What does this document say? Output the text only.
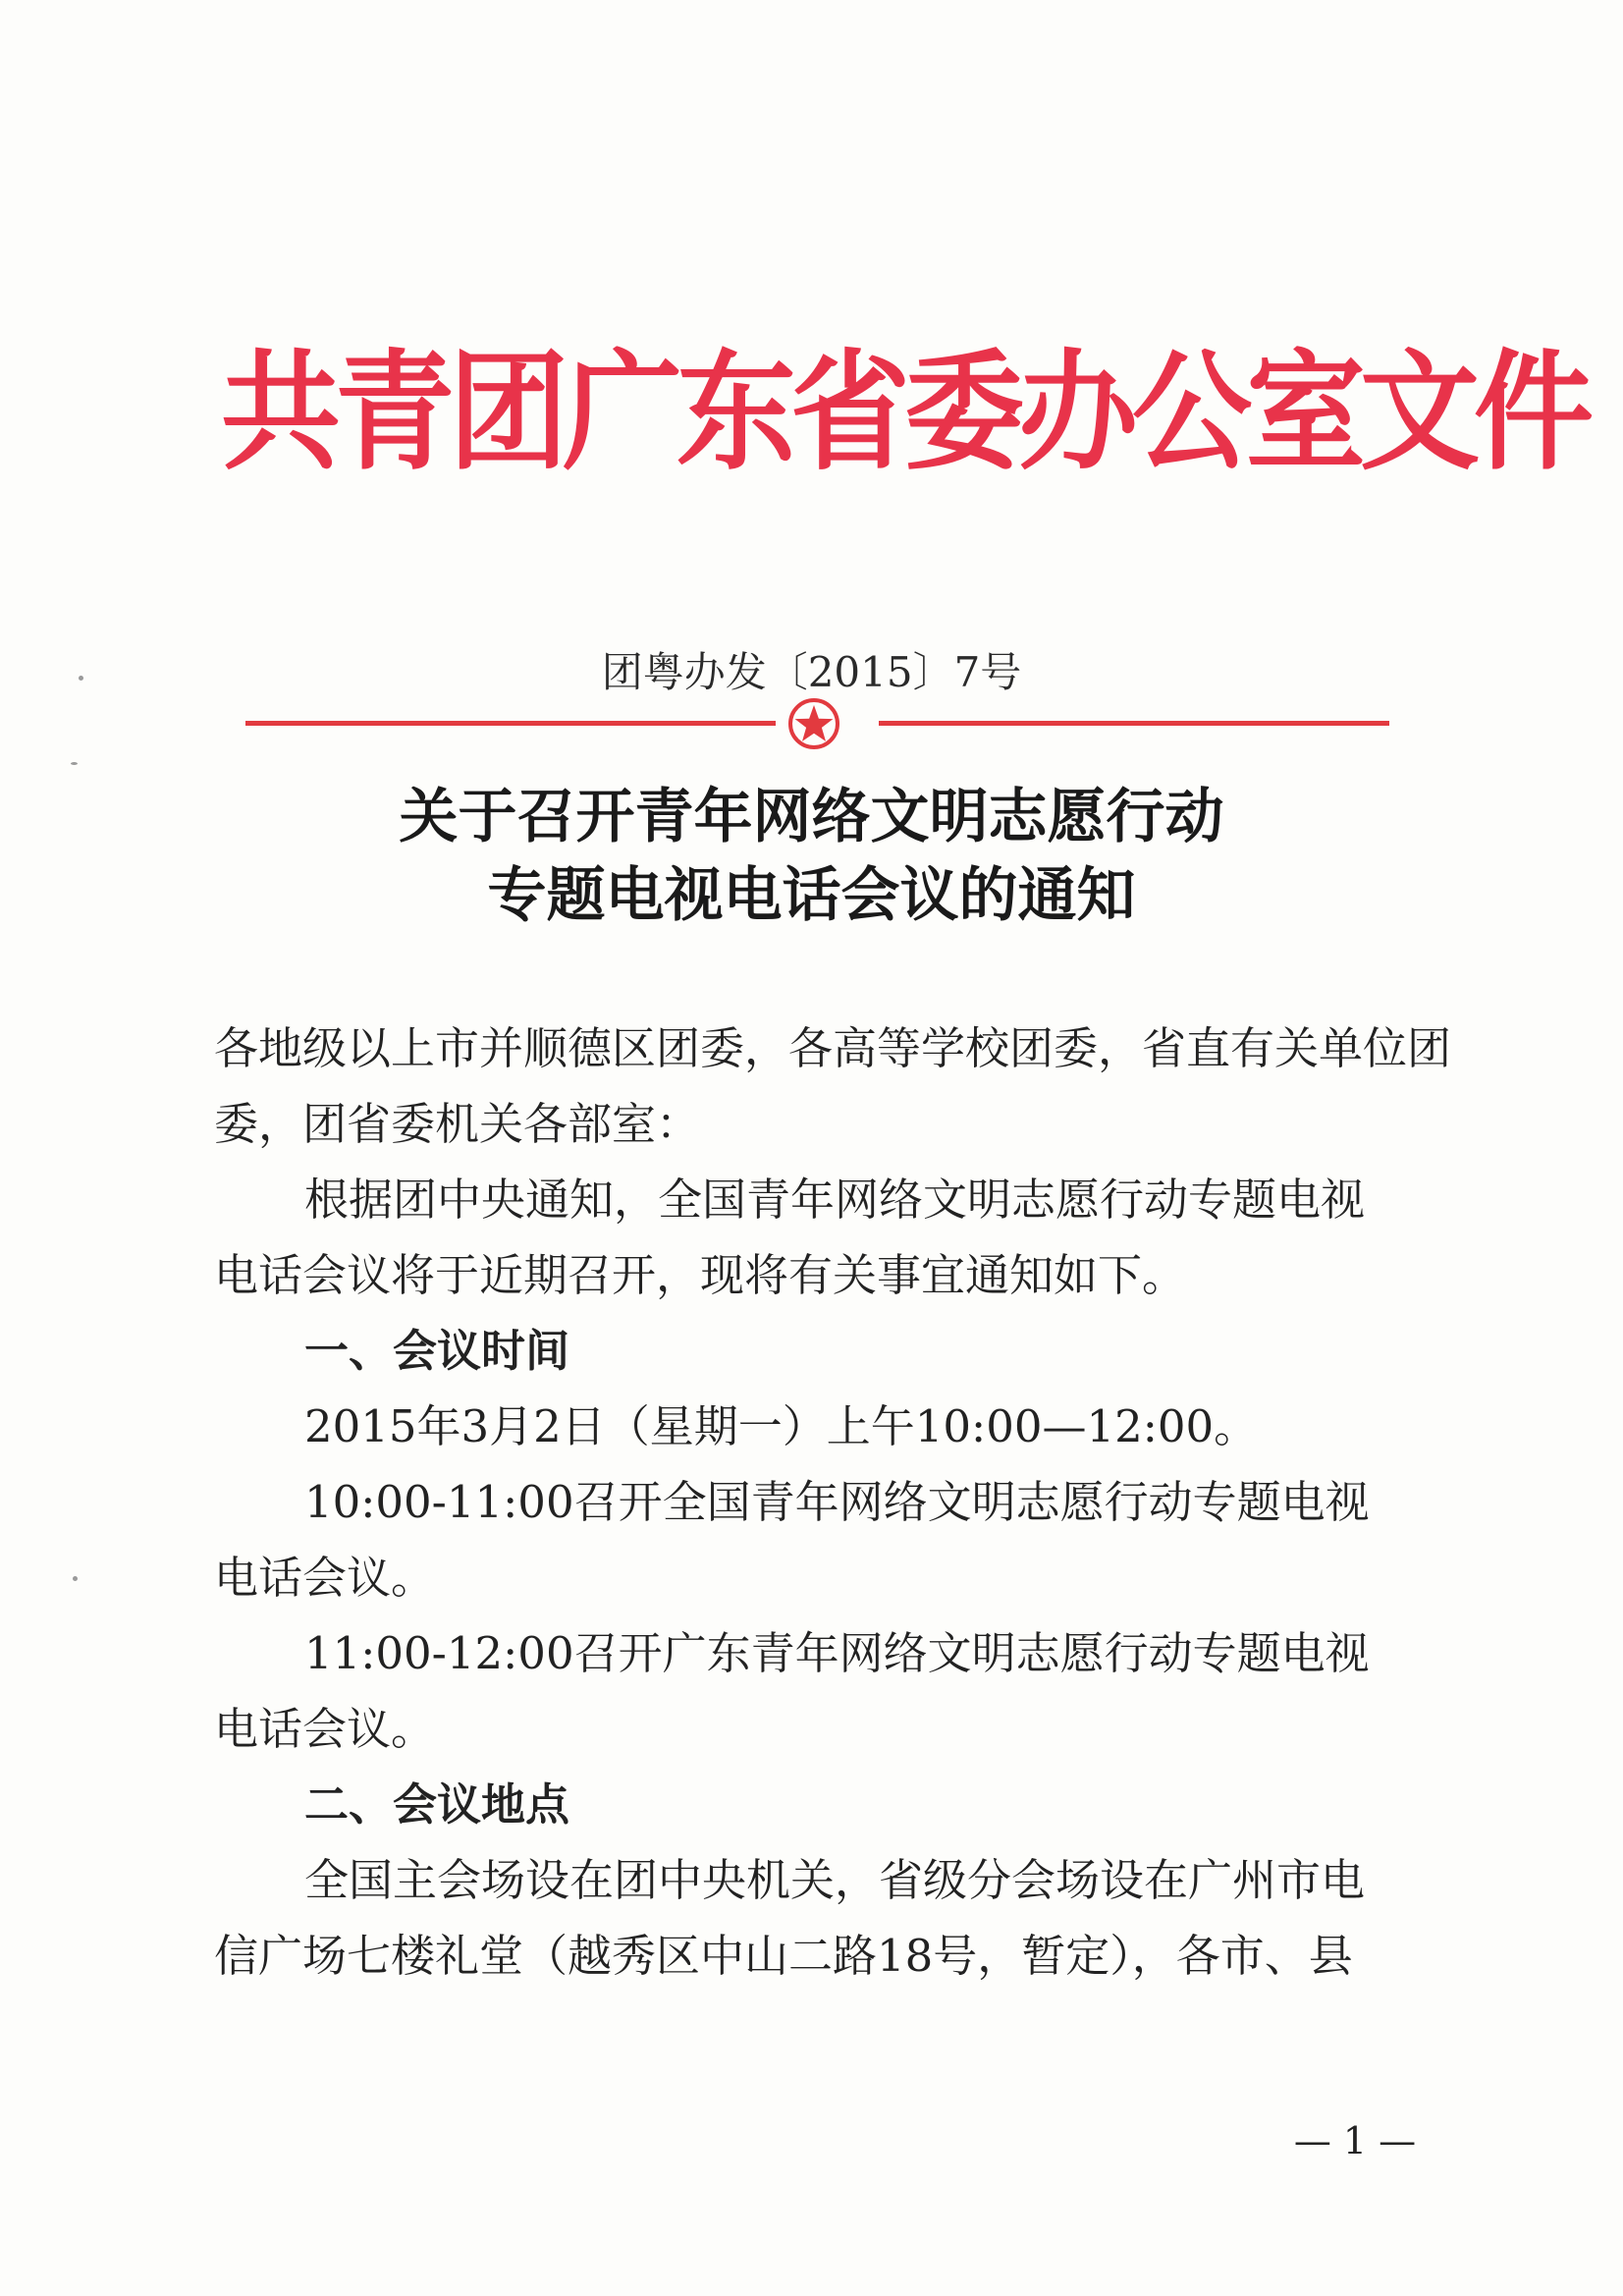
共青团广东省委办公室文件
团粤办发〔2015〕7号
关于召开青年网络文明志愿行动
专题电视电话会议的通知
各地级以上市并顺德区团委，各高等学校团委，省直有关单位团
委，团省委机关各部室：
根据团中央通知，全国青年网络文明志愿行动专题电视
电话会议将于近期召开，现将有关事宜通知如下。
一、会议时间
2015年3月2日（星期一）上午10:00—12:00。
10:00-11:00召开全国青年网络文明志愿行动专题电视
电话会议。
11:00-12:00召开广东青年网络文明志愿行动专题电视
电话会议。
二、会议地点
全国主会场设在团中央机关，省级分会场设在广州市电
信广场七楼礼堂（越秀区中山二路18号，暂定），各市、县
— 1 —
